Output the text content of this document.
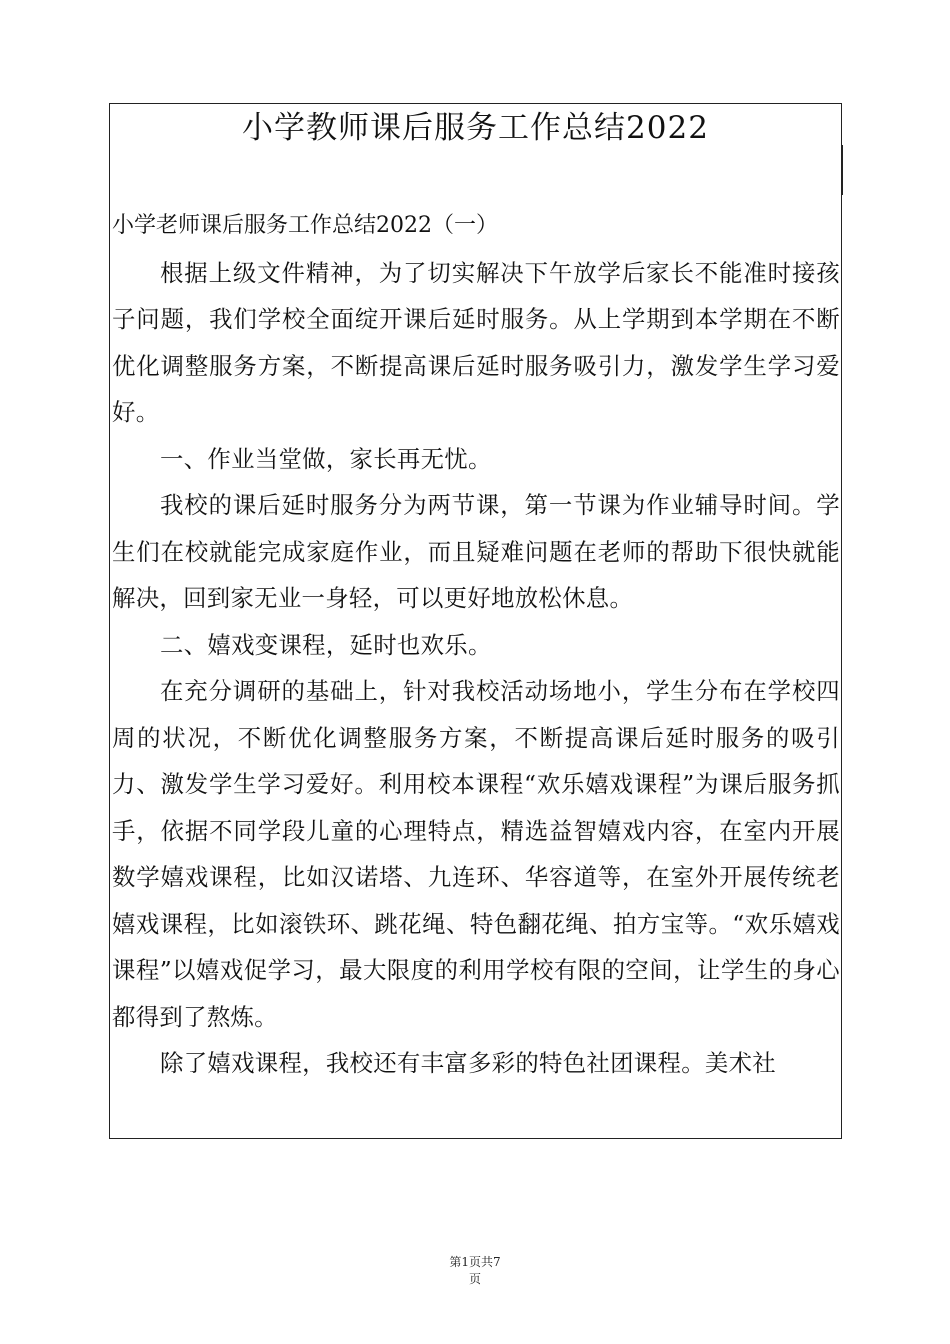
小学教师课后服务工作总结2022

小学老师课后服务工作总结2022（一）

根据上级文件精神，为了切实解决下午放学后家长不能准时接孩子问题，我们学校全面绽开课后延时服务。从上学期到本学期在不断优化调整服务方案，不断提高课后延时服务吸引力，激发学生学习爱好。

一、作业当堂做，家长再无忧。

我校的课后延时服务分为两节课，第一节课为作业辅导时间。学生们在校就能完成家庭作业，而且疑难问题在老师的帮助下很快就能解决，回到家无业一身轻，可以更好地放松休息。

二、嬉戏变课程，延时也欢乐。

在充分调研的基础上，针对我校活动场地小，学生分布在学校四周的状况，不断优化调整服务方案，不断提高课后延时服务的吸引力、激发学生学习爱好。利用校本课程“欢乐嬉戏课程”为课后服务抓手，依据不同学段儿童的心理特点，精选益智嬉戏内容，在室内开展数学嬉戏课程，比如汉诺塔、九连环、华容道等，在室外开展传统老嬉戏课程，比如滚铁环、跳花绳、特色翻花绳、拍方宝等。“欢乐嬉戏课程”以嬉戏促学习，最大限度的利用学校有限的空间，让学生的身心都得到了熬炼。

除了嬉戏课程，我校还有丰富多彩的特色社团课程。美术社

第1页共7
页
